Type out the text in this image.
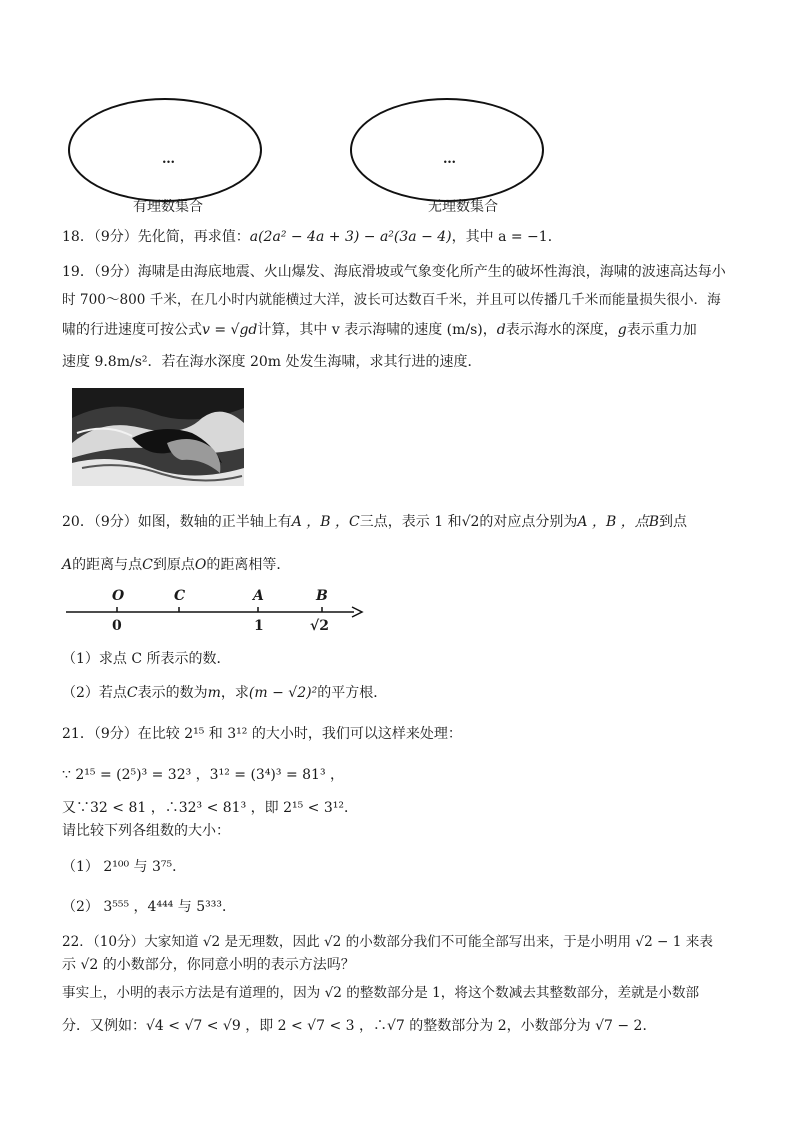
…
有理数集合
…
无理数集合
18．（9分）先化简，再求值：a(2a² − 4a + 3) − a²(3a − 4)，其中 a = −1．
19．（9分）海啸是由海底地震、火山爆发、海底滑坡或气象变化所产生的破坏性海浪，海啸的波速高达每小
时 700～800 千米，在几小时内就能横过大洋，波长可达数百千米，并且可以传播几千米而能量损失很小．海
啸的行进速度可按公式v = √gd计算，其中 v 表示海啸的速度 (m/s)，d表示海水的深度，g表示重力加
速度 9.8m/s²．若在海水深度 20m 处发生海啸，求其行进的速度．
20．（9分）如图，数轴的正半轴上有A ，B ，C三点，表示 1 和√2的对应点分别为A ，B ，点B到点
A的距离与点C到原点O的距离相等．
O	C	A	B
0	1	√2
（1）求点 C 所表示的数．
（2）若点C表示的数为m，求(m − √2)²的平方根．
21．（9分）在比较 2¹⁵ 和 3¹² 的大小时，我们可以这样来处理：
∵ 2¹⁵ = (2⁵)³ = 32³ ，3¹² = (3⁴)³ = 81³ ，
又∵32 < 81 ，∴32³ < 81³ ，即 2¹⁵ < 3¹²．
请比较下列各组数的大小：
（1） 2¹⁰⁰ 与 3⁷⁵．
（2） 3⁵⁵⁵ ，4⁴⁴⁴ 与 5³³³．
22．（10分）大家知道 √2 是无理数，因此 √2 的小数部分我们不可能全部写出来，于是小明用 √2 − 1 来表
示 √2 的小数部分，你同意小明的表示方法吗？
事实上，小明的表示方法是有道理的，因为 √2 的整数部分是 1，将这个数减去其整数部分，差就是小数部
分．又例如：√4 < √7 < √9 ，即 2 < √7 < 3 ，∴√7 的整数部分为 2，小数部分为 √7 − 2．
